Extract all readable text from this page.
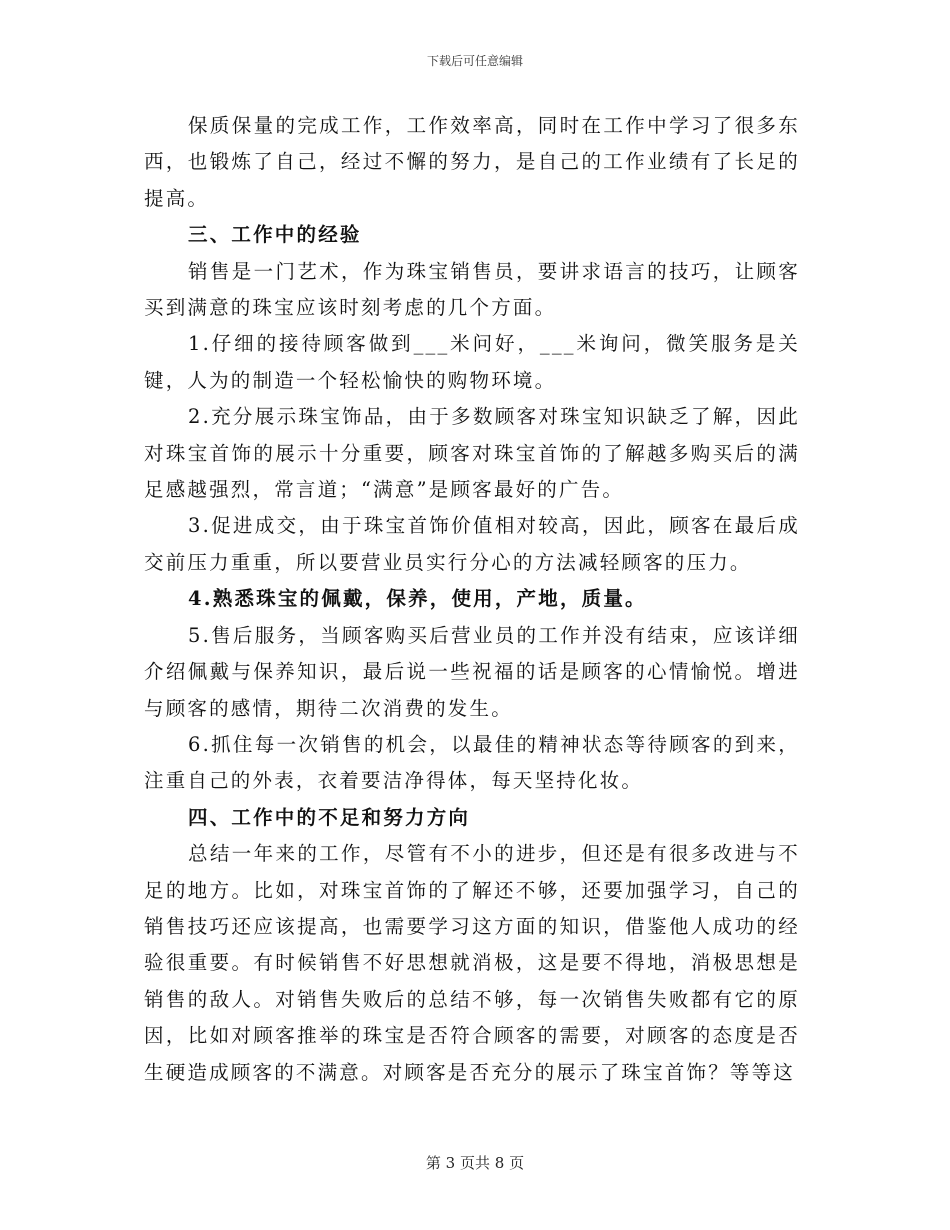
下载后可任意编辑

保质保量的完成工作，工作效率高，同时在工作中学习了很多东西，也锻炼了自己，经过不懈的努力，是自己的工作业绩有了长足的提高。

三、工作中的经验

销售是一门艺术，作为珠宝销售员，要讲求语言的技巧，让顾客买到满意的珠宝应该时刻考虑的几个方面。

1.仔细的接待顾客做到___米问好，___米询问，微笑服务是关键，人为的制造一个轻松愉快的购物环境。

2.充分展示珠宝饰品，由于多数顾客对珠宝知识缺乏了解，因此对珠宝首饰的展示十分重要，顾客对珠宝首饰的了解越多购买后的满足感越强烈，常言道；“满意”是顾客最好的广告。

3.促进成交，由于珠宝首饰价值相对较高，因此，顾客在最后成交前压力重重，所以要营业员实行分心的方法减轻顾客的压力。

4.熟悉珠宝的佩戴，保养，使用，产地，质量。

5.售后服务，当顾客购买后营业员的工作并没有结束，应该详细介绍佩戴与保养知识，最后说一些祝福的话是顾客的心情愉悦。增进与顾客的感情，期待二次消费的发生。

6.抓住每一次销售的机会，以最佳的精神状态等待顾客的到来，注重自己的外表，衣着要洁净得体，每天坚持化妆。

四、工作中的不足和努力方向

总结一年来的工作，尽管有不小的进步，但还是有很多改进与不足的地方。比如，对珠宝首饰的了解还不够，还要加强学习，自己的销售技巧还应该提高，也需要学习这方面的知识，借鉴他人成功的经验很重要。有时候销售不好思想就消极，这是要不得地，消极思想是销售的敌人。对销售失败后的总结不够，每一次销售失败都有它的原因，比如对顾客推举的珠宝是否符合顾客的需要，对顾客的态度是否生硬造成顾客的不满意。对顾客是否充分的展示了珠宝首饰？等等这

第 3 页共 8 页
